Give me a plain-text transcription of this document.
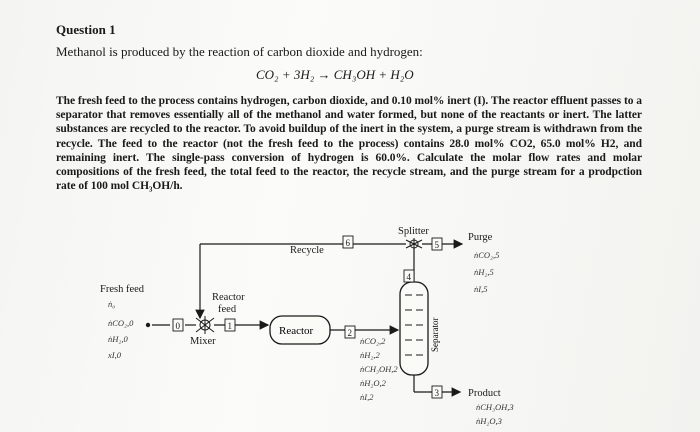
Question 1
Methanol is produced by the reaction of carbon dioxide and hydrogen:
CO₂ + 3H₂ → CH₃OH + H₂O

The fresh feed to the process contains hydrogen, carbon dioxide, and 0.10 mol% inert (I). The reactor effluent passes to a separator that removes essentially all of the methanol and water formed, but none of the reactants or inert. The latter substances are recycled to the reactor. To avoid buildup of the inert in the system, a purge stream is withdrawn from the recycle. The feed to the reactor (not the fresh feed to the process) contains 28.0 mol% CO2, 65.0 mol% H2, and remaining inert. The single-pass conversion of hydrogen is 60.0%. Calculate the molar flow rates and molar compositions of the fresh feed, the total feed to the reactor, the recycle stream, and the purge stream for a prodpction rate of 100 mol CH₃OH/h.

Reactor	Separator
0	1
2
3
4
5
6
Splitter
Purge
Recycle
Fresh feed
Reactor
feed
Mixer
Product
ṅ₀
ṅCO₂,0
ṅH₂,0
xI,0
ṅCO₂,5
ṅH₂,5
ṅI,5
ṅCO₂,2
ṅH₂,2
ṅCH₃OH,2
ṅH₂O,2
ṅI,2
ṅCH₃OH,3
ṅH₂O,3
